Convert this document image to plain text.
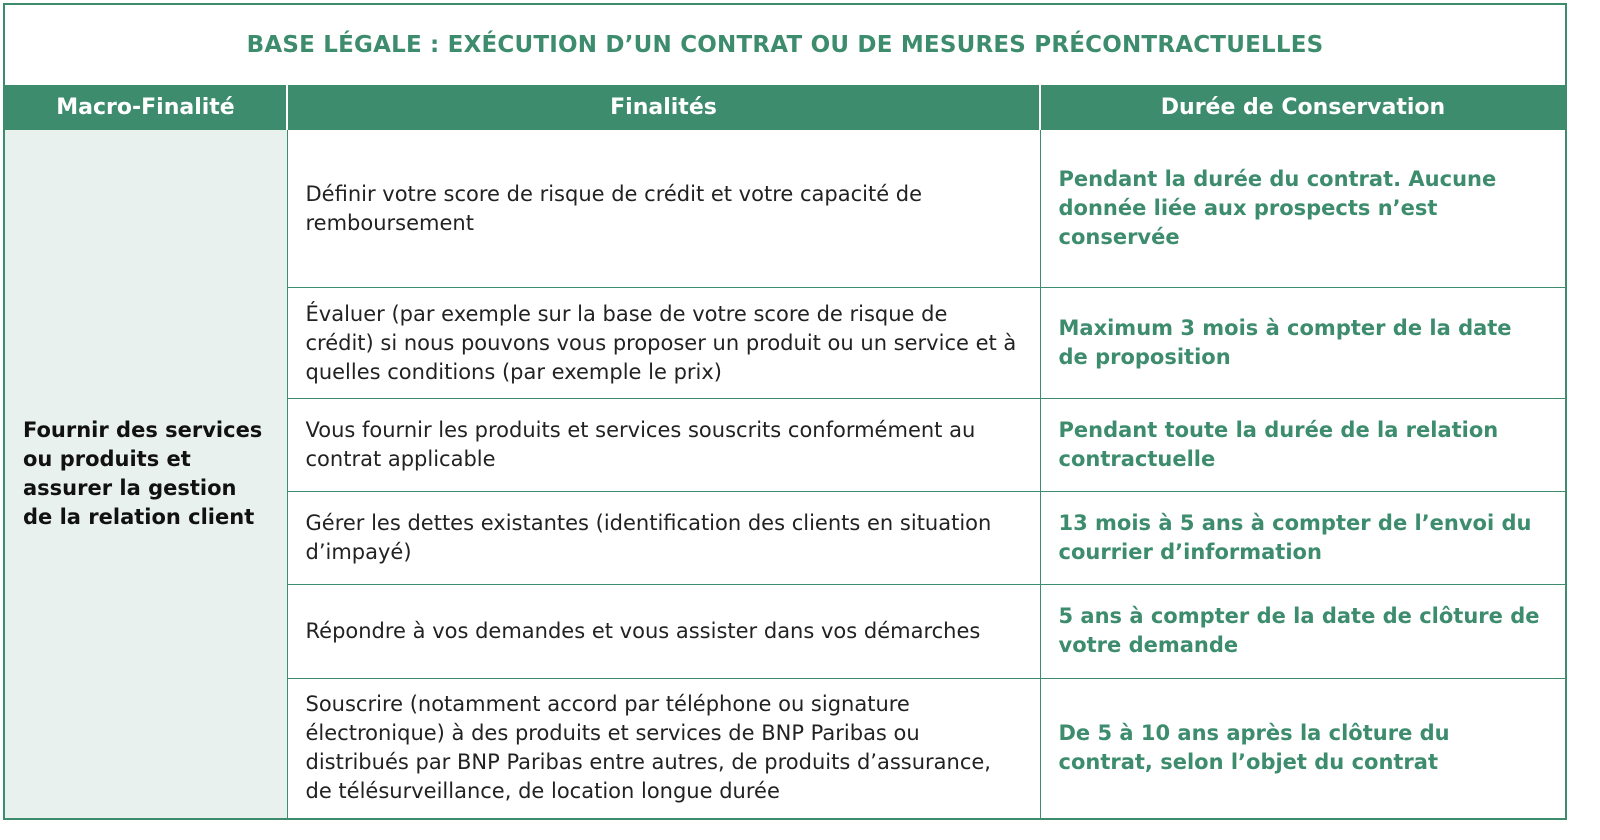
BASE LÉGALE : EXÉCUTION D’UN CONTRAT OU DE MESURES PRÉCONTRACTUELLES
Macro-Finalité	Finalités	Durée de Conservation
Fournir des services ou produits et assurer la gestion de la relation client	Définir votre score de risque de crédit et votre capacité de remboursement	Pendant la durée du contrat. Aucune donnée liée aux prospects n’est conservée
	Évaluer (par exemple sur la base de votre score de risque de crédit) si nous pouvons vous proposer un produit ou un service et à quelles conditions (par exemple le prix)	Maximum 3 mois à compter de la date de proposition
	Vous fournir les produits et services souscrits conformément au contrat applicable	Pendant toute la durée de la relation contractuelle
	Gérer les dettes existantes (identification des clients en situation d’impayé)	13 mois à 5 ans à compter de l’envoi du courrier d’information
	Répondre à vos demandes et vous assister dans vos démarches	5 ans à compter de la date de clôture de votre demande
	Souscrire (notamment accord par téléphone ou signature électronique) à des produits et services de BNP Paribas ou distribués par BNP Paribas entre autres, de produits d’assurance, de télésurveillance, de location longue durée	De 5 à 10 ans après la clôture du contrat, selon l’objet du contrat
